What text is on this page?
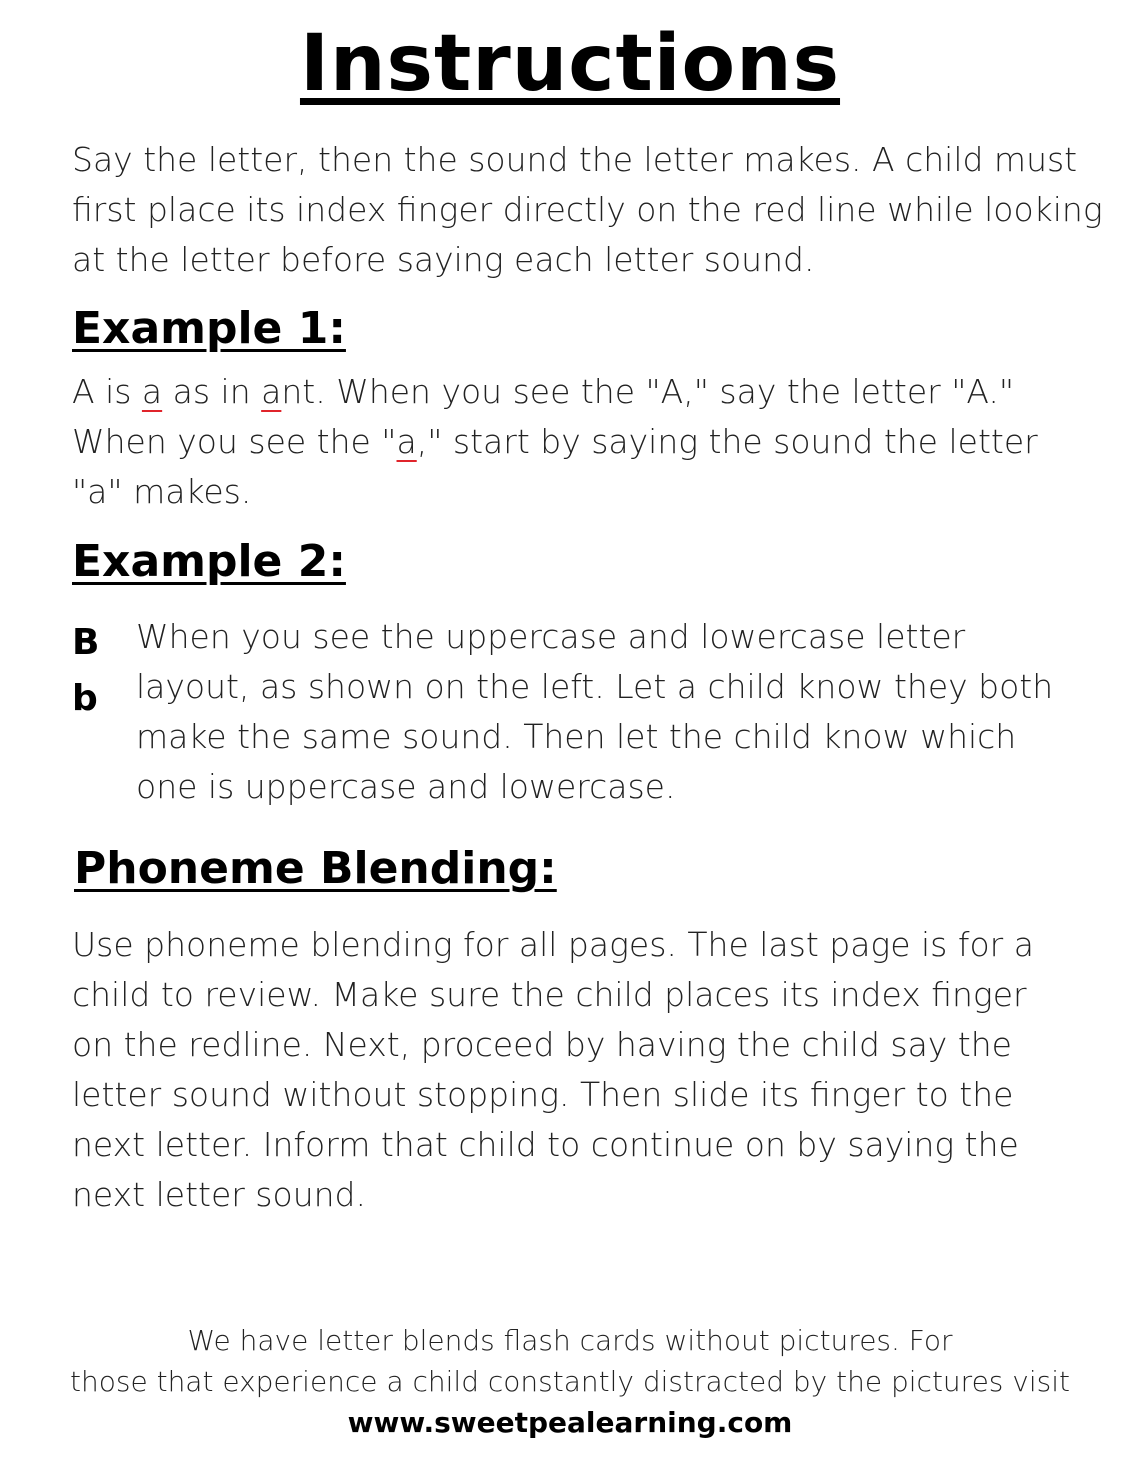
Instructions

Say the letter, then the sound the letter makes. A child must
first place its index finger directly on the red line while looking
at the letter before saying each letter sound.

Example 1:

A is a as in ant. When you see the "A," say the letter "A."
When you see the "a," start by saying the sound the letter
"a" makes.

Example 2:
B
b

When you see the uppercase and lowercase letter
layout, as shown on the left. Let a child know they both
make the same sound. Then let the child know which
one is uppercase and lowercase.

Phoneme Blending:

Use phoneme blending for all pages. The last page is for a
child to review. Make sure the child places its index finger
on the redline. Next, proceed by having the child say the
letter sound without stopping. Then slide its finger to the
next letter. Inform that child to continue on by saying the
next letter sound.

We have letter blends flash cards without pictures. For
those that experience a child constantly distracted by the pictures visit
www.sweetpealearning.com
